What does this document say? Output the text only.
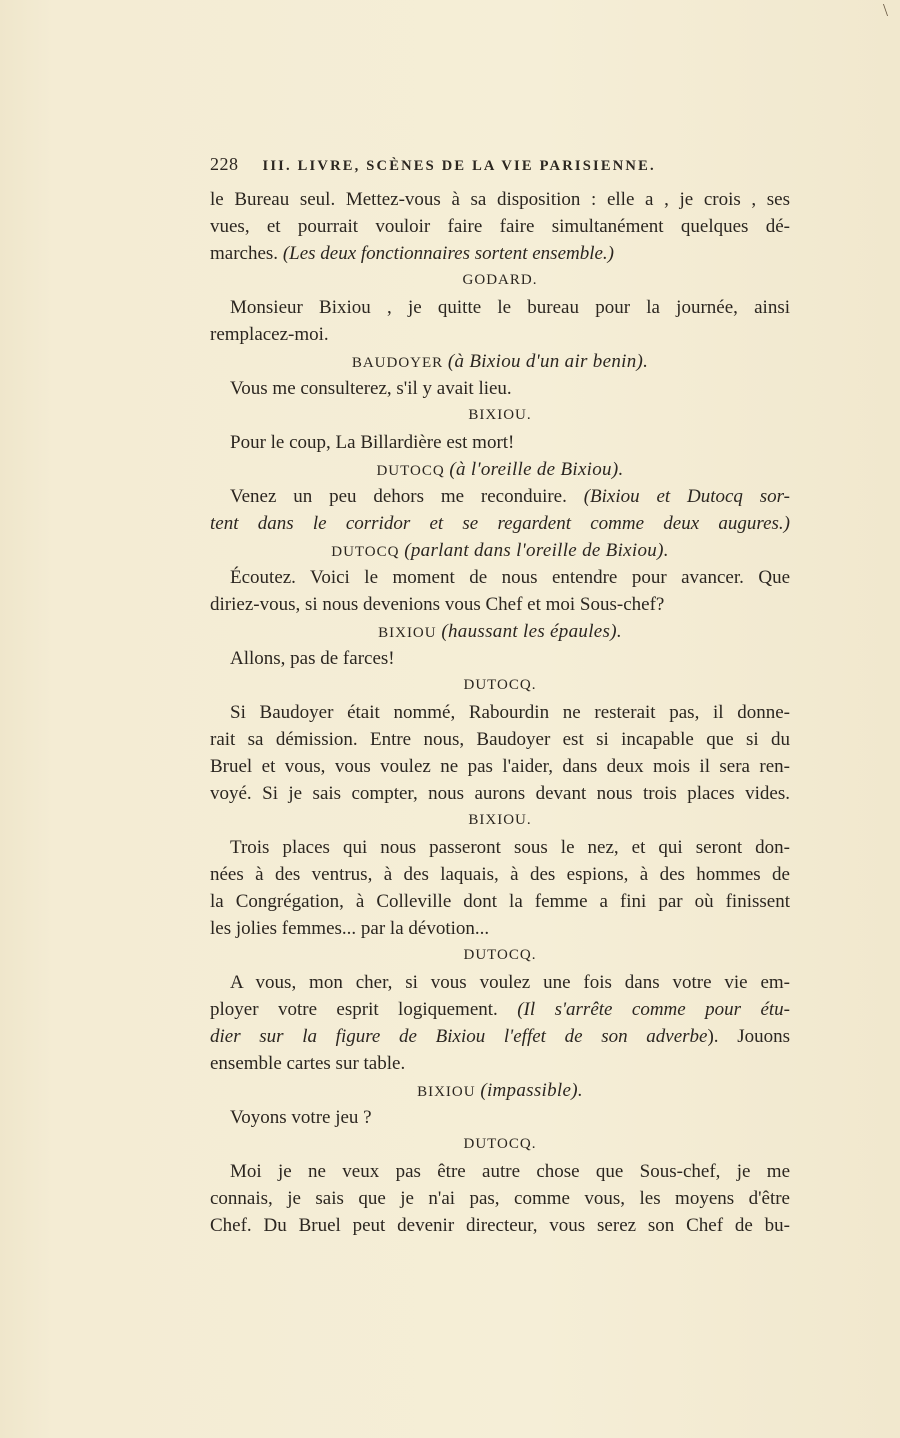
\
228 III. LIVRE, SCÈNES DE LA VIE PARISIENNE.
le Bureau seul. Mettez-vous à sa disposition : elle a , je crois , ses
vues, et pourrait vouloir faire faire simultanément quelques dé-
marches. (Les deux fonctionnaires sortent ensemble.)
GODARD.
Monsieur Bixiou , je quitte le bureau pour la journée, ainsi
remplacez-moi.
BAUDOYER (à Bixiou d'un air benin).
Vous me consulterez, s'il y avait lieu.
BIXIOU.
Pour le coup, La Billardière est mort!
DUTOCQ (à l'oreille de Bixiou).
Venez un peu dehors me reconduire. (Bixiou et Dutocq sor-
tent dans le corridor et se regardent comme deux augures.)
DUTOCQ (parlant dans l'oreille de Bixiou).
Écoutez. Voici le moment de nous entendre pour avancer. Que
diriez-vous, si nous devenions vous Chef et moi Sous-chef?
BIXIOU (haussant les épaules).
Allons, pas de farces!
DUTOCQ.
Si Baudoyer était nommé, Rabourdin ne resterait pas, il donne-
rait sa démission. Entre nous, Baudoyer est si incapable que si du
Bruel et vous, vous voulez ne pas l'aider, dans deux mois il sera ren-
voyé. Si je sais compter, nous aurons devant nous trois places vides.
BIXIOU.
Trois places qui nous passeront sous le nez, et qui seront don-
nées à des ventrus, à des laquais, à des espions, à des hommes de
la Congrégation, à Colleville dont la femme a fini par où finissent
les jolies femmes... par la dévotion...
DUTOCQ.
A vous, mon cher, si vous voulez une fois dans votre vie em-
ployer votre esprit logiquement. (Il s'arrête comme pour étu-
dier sur la figure de Bixiou l'effet de son adverbe). Jouons
ensemble cartes sur table.
BIXIOU (impassible).
Voyons votre jeu ?
DUTOCQ.
Moi je ne veux pas être autre chose que Sous-chef, je me
connais, je sais que je n'ai pas, comme vous, les moyens d'être
Chef. Du Bruel peut devenir directeur, vous serez son Chef de bu-
